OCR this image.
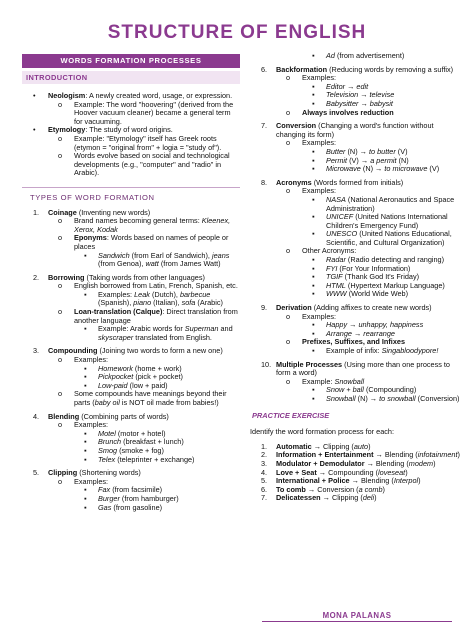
STRUCTURE OF ENGLISH
WORDS FORMATION PROCESSES
INTRODUCTION
• Neologism: A newly created word, usage, or expression.
o Example: The word "hoovering" (derived from the Hoover vacuum cleaner) became a general term for vacuuming.
• Etymology: The study of word origins.
o Example: "Etymology" itself has Greek roots (etymon = "original from" + logia = "study of").
o Words evolve based on social and technological developments (e.g., "computer" and "radio" in Arabic).
TYPES OF WORD FORMATION
1. Coinage (Inventing new words)
o Brand names becoming general terms: Kleenex, Xerox, Kodak
o Eponyms: Words based on names of people or places
▪ Sandwich (from Earl of Sandwich), jeans (from Genoa), watt (from James Watt)
2. Borrowing (Taking words from other languages)
o English borrowed from Latin, French, Spanish, etc.
▪ Examples: Leak (Dutch), barbecue (Spanish), piano (Italian), sofa (Arabic)
o Loan-translation (Calque): Direct translation from another language
▪ Example: Arabic words for Superman and skyscraper translated from English.
3. Compounding (Joining two words to form a new one)
o Examples:
▪ Homework (home + work)
▪ Pickpocket (pick + pocket)
▪ Low-paid (low + paid)
o Some compounds have meanings beyond their parts (baby oil is NOT oil made from babies!)
4. Blending (Combining parts of words)
o Examples:
▪ Motel (motor + hotel)
▪ Brunch (breakfast + lunch)
▪ Smog (smoke + fog)
▪ Telex (teleprinter + exchange)
5. Clipping (Shortening words)
o Examples:
▪ Fax (from facsimile)
▪ Burger (from hamburger)
▪ Gas (from gasoline)
▪ Ad (from advertisement)
6. Backformation (Reducing words by removing a suffix)
o Examples:
▪ Editor → edit
▪ Television → televise
▪ Babysitter → babysit
o Always involves reduction
7. Conversion (Changing a word's function without changing its form)
o Examples:
▪ Butter (N) → to butter (V)
▪ Permit (V) → a permit (N)
▪ Microwave (N) → to microwave (V)
8. Acronyms (Words formed from initials)
o Examples:
▪ NASA (National Aeronautics and Space Administration)
▪ UNICEF (United Nations International Children's Emergency Fund)
▪ UNESCO (United Nations Educational, Scientific, and Cultural Organization)
o Other Acronyms:
▪ Radar (Radio detecting and ranging)
▪ FYI (For Your Information)
▪ TGIF (Thank God It's Friday)
▪ HTML (Hypertext Markup Language)
▪ WWW (World Wide Web)
9. Derivation (Adding affixes to create new words)
o Examples:
▪ Happy → unhappy, happiness
▪ Arrange → rearrange
o Prefixes, Suffixes, and Infixes
▪ Example of infix: Singabloodypore!
10. Multiple Processes (Using more than one process to form a word)
o Example: Snowball
▪ Snow + ball (Compounding)
▪ Snowball (N) → to snowball (Conversion)
PRACTICE EXERCISE
Identify the word formation process for each:
1. Automatic → Clipping (auto)
2. Information + Entertainment → Blending (infotainment)
3. Modulator + Demodulator → Blending (modem)
4. Love + Seat → Compounding (loveseat)
5. International + Police → Blending (Interpol)
6. To comb → Conversion (a comb)
7. Delicatessen → Clipping (deli)
MONA PALANAS
